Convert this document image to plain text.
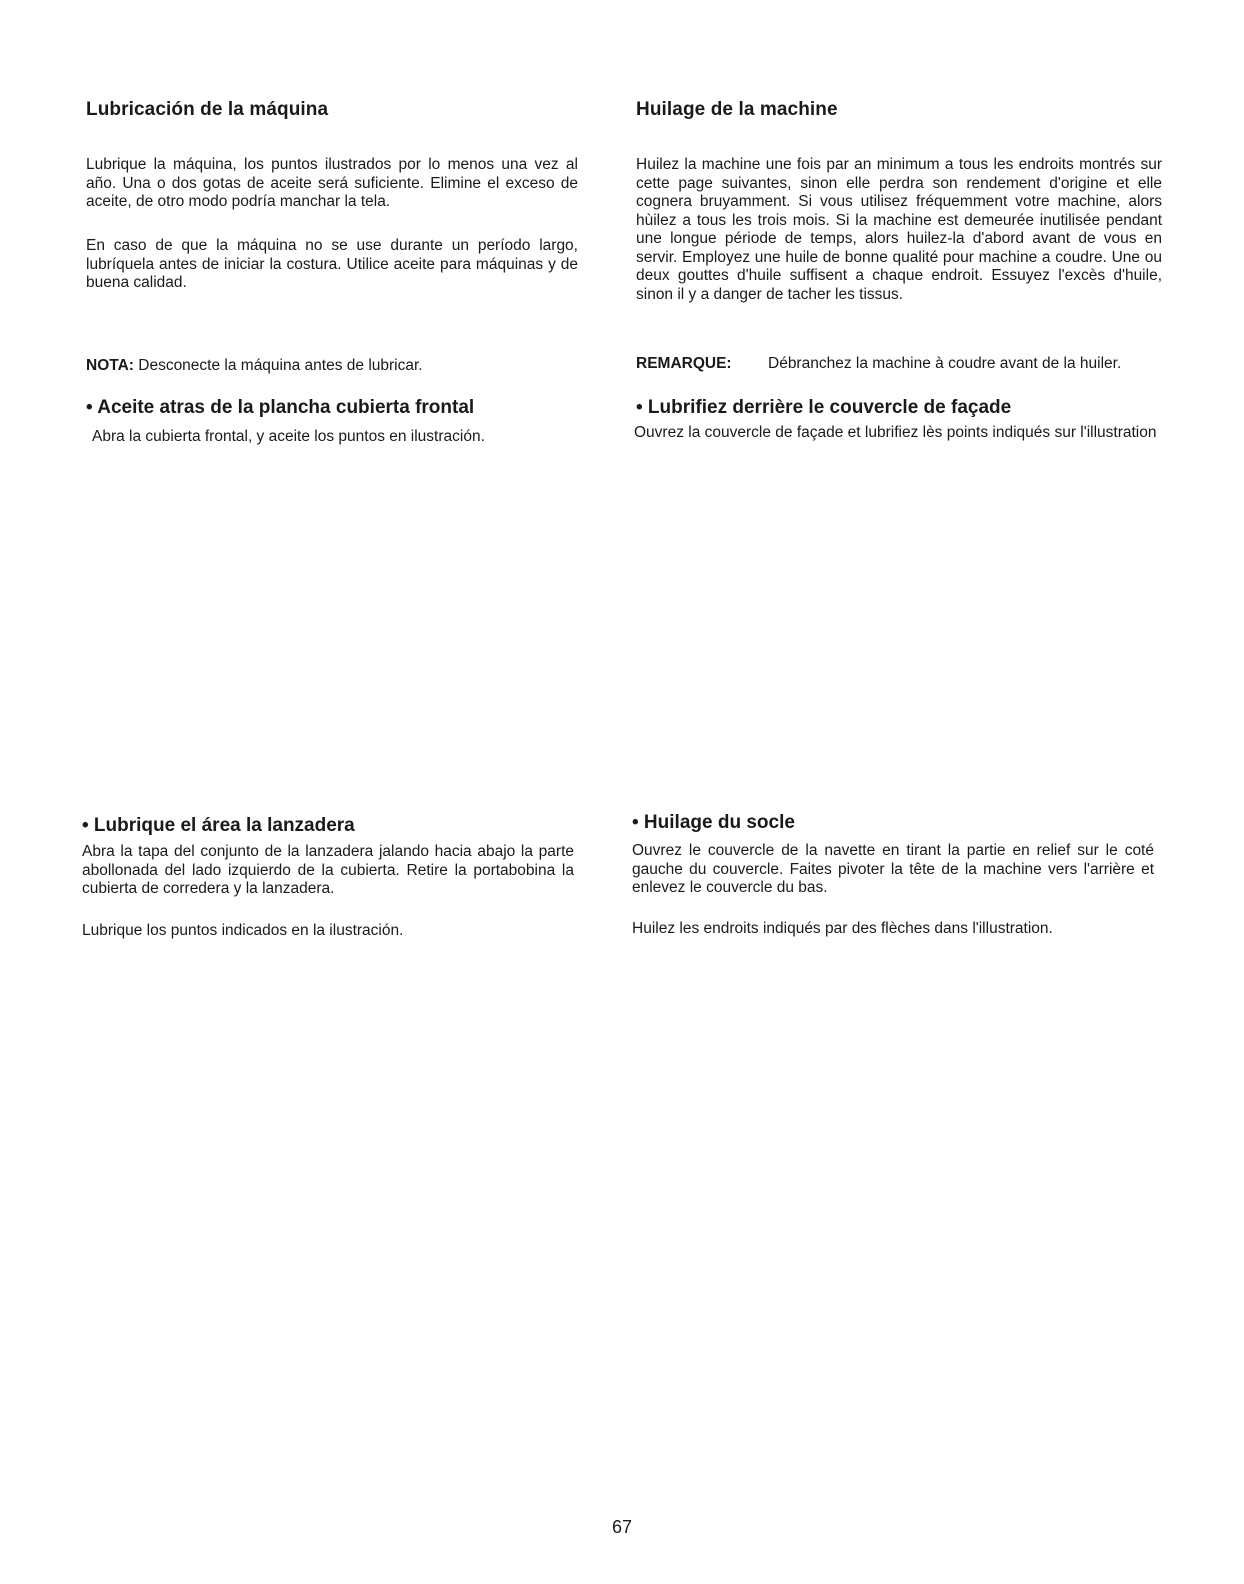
Lubricación de la máquina

Lubrique la máquina, los puntos ilustrados por lo menos una vez al año. Una o dos gotas de aceite será suficiente. Elimine el exceso de aceite, de otro modo podría manchar la tela.

En caso de que la máquina no se use durante un período largo, lubríquela antes de iniciar la costura. Utilice aceite para máquinas y de buena calidad.

NOTA: Desconecte la máquina antes de lubricar.
• Aceite atras de la plancha cubierta frontal

Abra la cubierta frontal, y aceite los puntos en ilustración.

• Lubrique el área la lanzadera

Abra la tapa del conjunto de la lanzadera jalando hacia abajo la parte abollonada del lado izquierdo de la cubierta. Retire la portabobina la cubierta de corredera y la lanzadera.

Lubrique los puntos indicados en la ilustración.

Huilage de la machine

Huilez la machine une fois par an minimum a tous les endroits montrés sur cette page suivantes, sinon elle perdra son rendement d'origine et elle cognera bruyamment. Si vous utilisez fréquemment votre machine, alors hùilez a tous les trois mois. Si la machine est demeurée inutilisée pendant une longue période de temps, alors huilez-la d'abord avant de vous en servir. Employez une huile de bonne qualité pour machine a coudre. Une ou deux gouttes d'huile suffisent a chaque endroit. Essuyez l'excès d'huile, sinon il y a danger de tacher les tissus.

REMARQUE:	Débranchez la machine à coudre avant de la huiler.
• Lubrifiez derrière le couvercle de façade

Ouvrez la couvercle de façade et lubrifiez lès points indiqués sur l'illustration

• Huilage du socle

Ouvrez le couvercle de la navette en tirant la partie en relief sur le coté gauche du couvercle. Faites pivoter la tête de la machine vers l'arrière et enlevez le couvercle du bas.

Huilez les endroits indiqués par des flèches dans l'illustration.

67
